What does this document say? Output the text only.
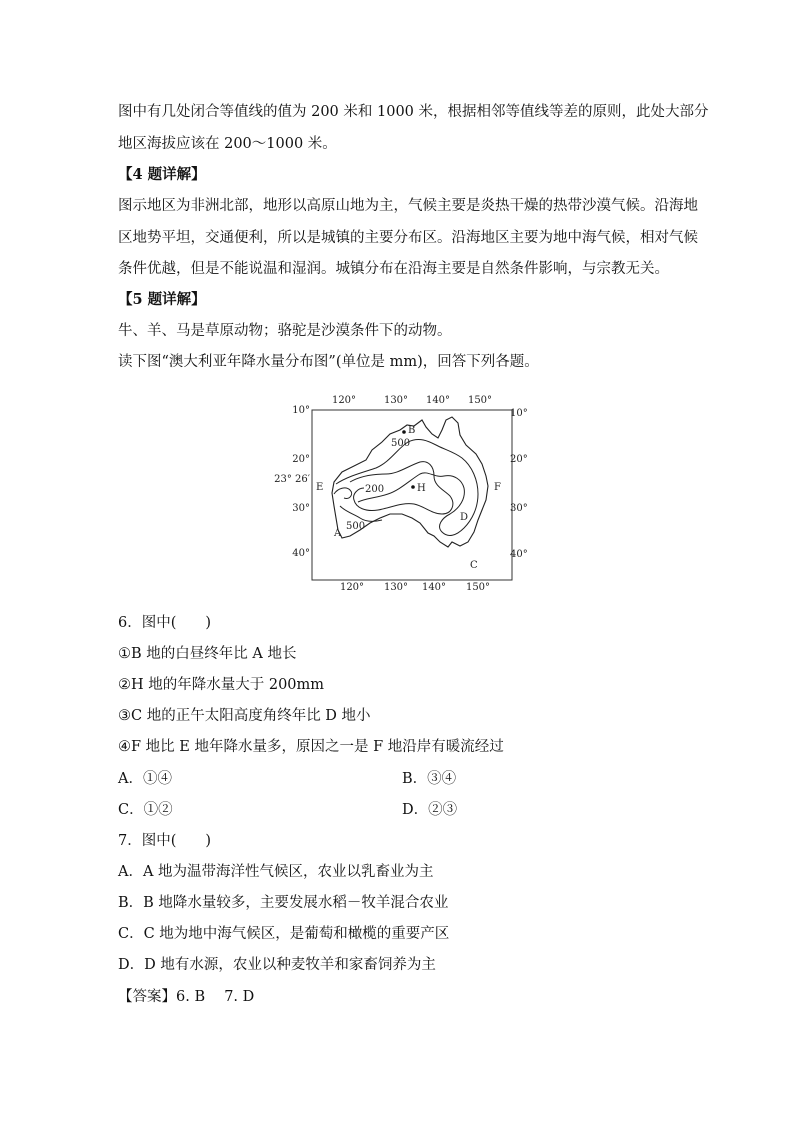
图中有几处闭合等值线的值为 200 米和 1000 米，根据相邻等值线等差的原则，此处大部分
地区海拔应该在 200～1000 米。
【4 题详解】
图示地区为非洲北部，地形以高原山地为主，气候主要是炎热干燥的热带沙漠气候。沿海地
区地势平坦，交通便利，所以是城镇的主要分布区。沿海地区主要为地中海气候，相对气候
条件优越，但是不能说温和湿润。城镇分布在沿海主要是自然条件影响，与宗教无关。
【5 题详解】
牛、羊、马是草原动物；骆驼是沙漠条件下的动物。
读下图“澳大利亚年降水量分布图”(单位是 mm)，回答下列各题。
120°	130° 140° 150°
120° 130° 140° 150°
10°
20°
30°
40°
10°
20°
30°
40°
23° 26′
500
200
500
B
E	H	F
D
A
C
6．图中(　　)
①B 地的白昼终年比 A 地长
②H 地的年降水量大于 200mm
③C 地的正午太阳高度角终年比 D 地小
④F 地比 E 地年降水量多，原因之一是 F 地沿岸有暖流经过
A．①④	B．③④
C．①②	D．②③
7．图中(　　)
A．A 地为温带海洋性气候区，农业以乳畜业为主
B．B 地降水量较多，主要发展水稻－牧羊混合农业
C．C 地为地中海气候区，是葡萄和橄榄的重要产区
D．D 地有水源，农业以种麦牧羊和家畜饲养为主
【答案】6. B　 7. D
